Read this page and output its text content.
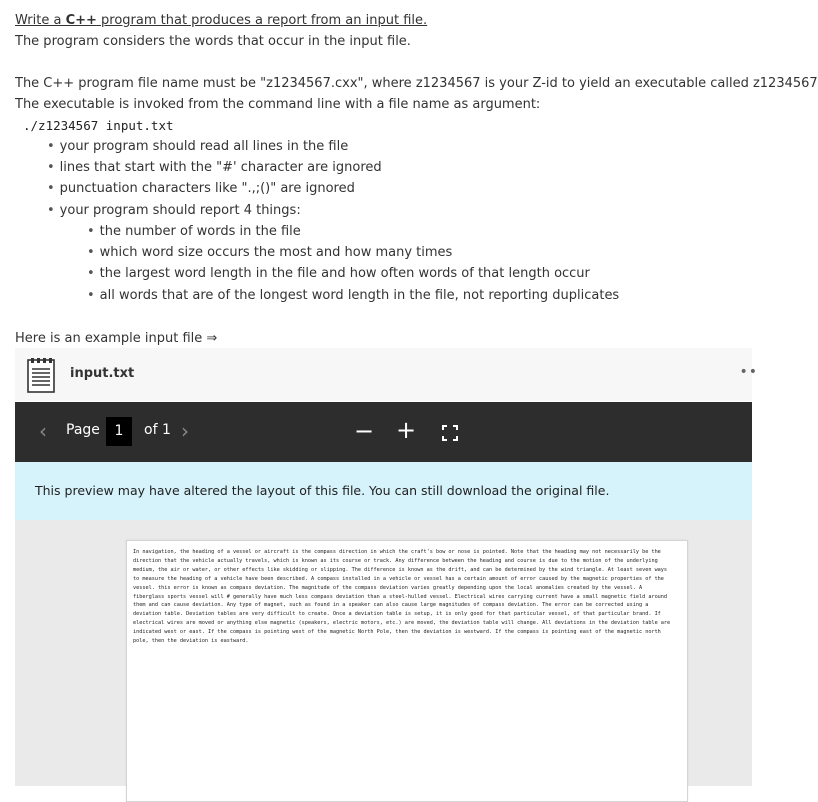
Write a C++ program that produces a report from an input file.
The program considers the words that occur in the input file.
The C++ program file name must be "z1234567.cxx", where z1234567 is your Z-id to yield an executable called z1234567
The executable is invoked from the command line with a file name as argument:
./z1234567 input.txt
• your program should read all lines in the file
• lines that start with the "#' character are ignored
• punctuation characters like ".,;()" are ignored
• your program should report 4 things:
• the number of words in the file
• which word size occurs the most and how many times
• the largest word length in the file and how often words of that length occur
• all words that are of the longest word length in the file, not reporting duplicates
Here is an example input file ⇒
input.txt	••
‹	Page	1	of 1 ›	− +
This preview may have altered the layout of this file. You can still download the original file.
In navigation, the heading of a vessel or aircraft is the compass direction in which the craft's bow or nose is pointed. Note that the heading may not necessarily be the direction that the vehicle actually travels, which is known as its course or track. Any difference between the heading and course is due to the motion of the underlying medium, the air or water, or other effects like skidding or slipping. The difference is known as the drift, and can be determined by the wind triangle. At least seven ways to measure the heading of a vehicle have been described. A compass installed in a vehicle or vessel has a certain amount of error caused by the magnetic properties of the vessel. this error is known as compass deviation. The magnitude of the compass deviation varies greatly depending upon the local anomalies created by the vessel. A fiberglass sports vessel will # generally have much less compass deviation than a steel-hulled vessel. Electrical wires carrying current have a small magnetic field around them and can cause deviation. Any type of magnet, such as found in a speaker can also cause large magnitudes of compass deviation. The error can be corrected using a deviation table. Deviation tables are very difficult to create. Once a deviation table is setup, it is only good for that particular vessel, of that particular brand. If electrical wires are moved or anything else magnetic (speakers, electric motors, etc.) are moved, the deviation table will change. All deviations in the deviation table are indicated west or east. If the compass is pointing west of the magnetic North Pole, then the deviation is westward. If the compass is pointing east of the magnetic north pole, then the deviation is eastward.
